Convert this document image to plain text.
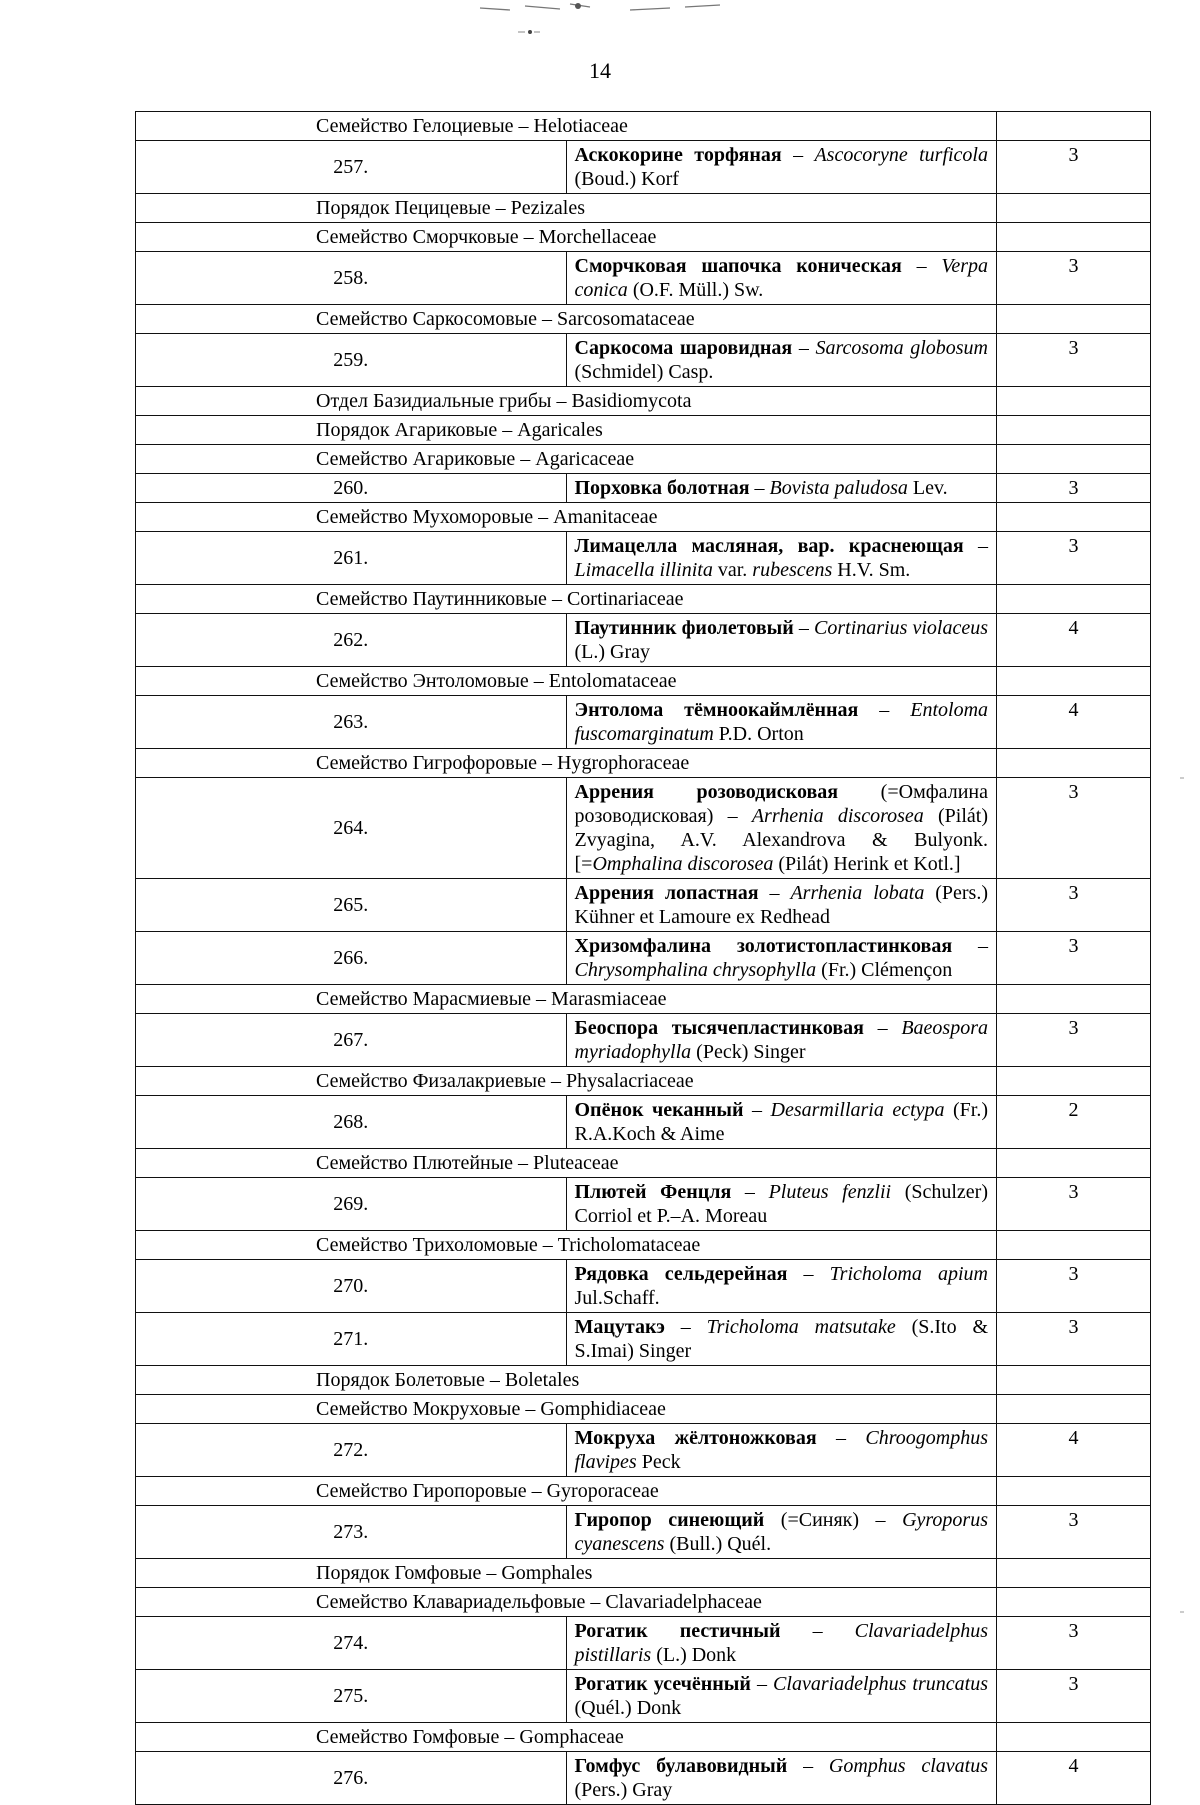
14
Семейство Гелоциевые – Helotiaceae		
257.	Аскокорине торфяная – Ascocoryne turficola (Boud.) Korf	3
Порядок Пецицевые – Pezizales		
Семейство Сморчковые – Morchellaceae		
258.	Сморчковая шапочка коническая – Verpa conica (O.F. Müll.) Sw.	3
Семейство Саркосомовые – Sarcosomataceae		
259.	Саркосома шаровидная – Sarcosoma globosum (Schmidel) Casp.	3
Отдел Базидиальные грибы – Basidiomycota		
Порядок Агариковые – Agaricales		
Семейство Агариковые – Agaricaceae		
260.	Порховка болотная – Bovista paludosa Lev.	3
Семейство Мухоморовые – Amanitaceae		
261.	Лимацелла масляная, вар. краснеющая – Limacella illinita var. rubescens H.V. Sm.	3
Семейство Паутинниковые – Cortinariaceae		
262.	Паутинник фиолетовый – Cortinarius violaceus (L.) Gray	4
Семейство Энтоломовые – Entolomataceae		
263.	Энтолома тёмноокаймлённая – Entoloma fuscomarginatum P.D. Orton	4
Семейство Гигрофоровые – Hygrophoraceae		
264.	Аррения розоводисковая (=Омфалина розоводисковая) – Arrhenia discorosea (Pilát) Zvyagina, A.V. Alexandrova & Bulyonk. [=Omphalina discorosea (Pilát) Herink et Kotl.]	3
265.	Аррения лопастная – Arrhenia lobata (Pers.) Kühner et Lamoure ex Redhead	3
266.	Хризомфалина золотистопластинковая – Chrysomphalina chrysophylla (Fr.) Clémençon	3
Семейство Марасмиевые – Marasmiaceae		
267.	Беоспора тысячепластинковая – Baeospora myriadophylla (Peck) Singer	3
Семейство Физалакриевые – Physalacriaceae		
268.	Опёнок чеканный – Desarmillaria ectypa (Fr.) R.A.Koch & Aime	2
Семейство Плютейные – Pluteaceae		
269.	Плютей Фенцля – Pluteus fenzlii (Schulzer) Corriol et P.–A. Moreau	3
Семейство Трихоломовые – Tricholomataceae		
270.	Рядовка сельдерейная – Tricholoma apium Jul.Schaff.	3
271.	Мацутакэ – Tricholoma matsutake (S.Ito & S.Imai) Singer	3
Порядок Болетовые – Boletales		
Семейство Мокруховые – Gomphidiaceae		
272.	Мокруха жёлтоножковая – Chroogomphus flavipes Peck	4
Семейство Гиропоровые – Gyroporaceae		
273.	Гиропор синеющий (=Синяк) – Gyroporus cyanescens (Bull.) Quél.	3
Порядок Гомфовые – Gomphales		
Семейство Клавариадельфовые – Clavariadelphaceae		
274.	Рогатик пестичный – Clavariadelphus pistillaris (L.) Donk	3
275.	Рогатик усечённый – Clavariadelphus truncatus (Quél.) Donk	3
Семейство Гомфовые – Gomphaceae		
276.	Гомфус булавовидный – Gomphus clavatus (Pers.) Gray	4
